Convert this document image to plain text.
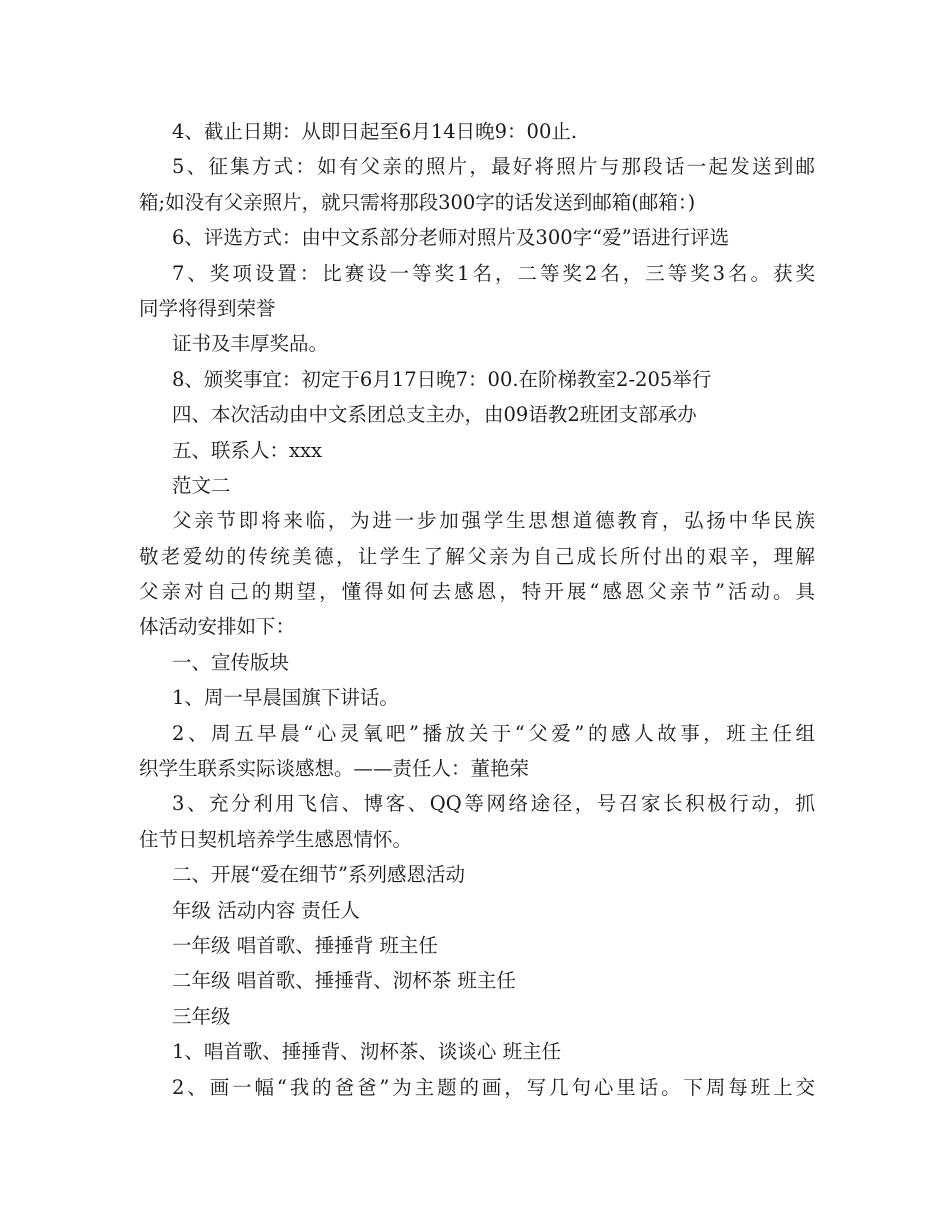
4、截止日期：从即日起至6月14日晚9：00止.
5、征集方式：如有父亲的照片，最好将照片与那段话一起发送到邮
箱;如没有父亲照片，就只需将那段300字的话发送到邮箱(邮箱：)
6、评选方式：由中文系部分老师对照片及300字“爱”语进行评选
7、奖项设置：比赛设一等奖1名，二等奖2名，三等奖3名。获奖
同学将得到荣誉
证书及丰厚奖品。
8、颁奖事宜：初定于6月17日晚7：00.在阶梯教室2-205举行
四、本次活动由中文系团总支主办，由09语教2班团支部承办
五、联系人：xxx
范文二
父亲节即将来临，为进一步加强学生思想道德教育，弘扬中华民族
敬老爱幼的传统美德，让学生了解父亲为自己成长所付出的艰辛，理解
父亲对自己的期望，懂得如何去感恩，特开展“感恩父亲节”活动。具
体活动安排如下：
一、宣传版块
1、周一早晨国旗下讲话。
2、周五早晨“心灵氧吧”播放关于“父爱”的感人故事，班主任组
织学生联系实际谈感想。——责任人：董艳荣
3、充分利用飞信、博客、QQ等网络途径，号召家长积极行动，抓
住节日契机培养学生感恩情怀。
二、开展“爱在细节”系列感恩活动
年级 活动内容 责任人
一年级 唱首歌、捶捶背 班主任
二年级 唱首歌、捶捶背、沏杯茶 班主任
三年级
1、唱首歌、捶捶背、沏杯茶、谈谈心 班主任
2、画一幅“我的爸爸”为主题的画，写几句心里话。下周每班上交
